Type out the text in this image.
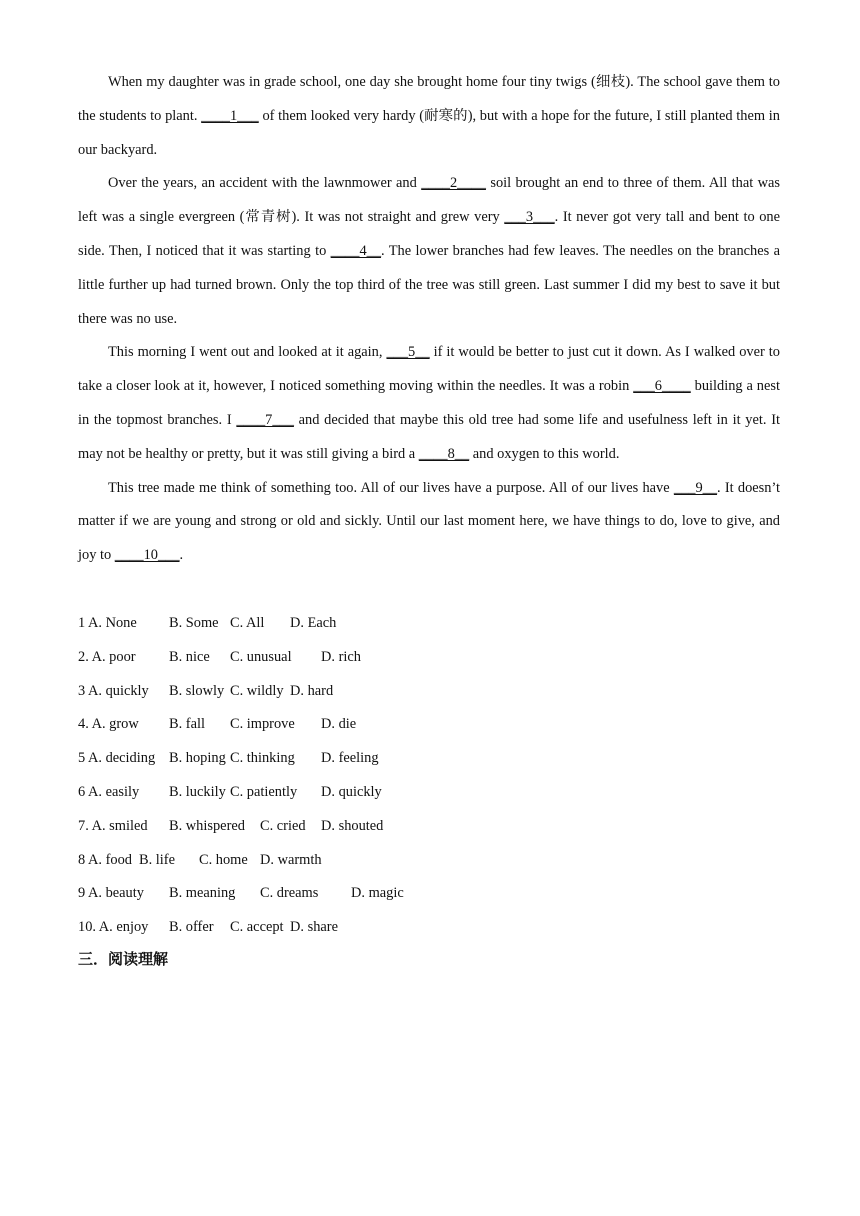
When my daughter was in grade school, one day she brought home four tiny twigs (细枝). The school gave them to the students to plant. ____1___ of them looked very hardy (耐寒的), but with a hope for the future, I still planted them in our backyard.

Over the years, an accident with the lawnmower and ____2____ soil brought an end to three of them. All that was left was a single evergreen (常青树). It was not straight and grew very ___3___. It never got very tall and bent to one side. Then, I noticed that it was starting to ____4__. The lower branches had few leaves. The needles on the branches a little further up had turned brown. Only the top third of the tree was still green. Last summer I did my best to save it but there was no use.

This morning I went out and looked at it again, ___5__ if it would be better to just cut it down. As I walked over to take a closer look at it, however, I noticed something moving within the needles. It was a robin ___6____ building a nest in the topmost branches. I ____7___ and decided that maybe this old tree had some life and usefulness left in it yet. It may not be healthy or pretty, but it was still giving a bird a ____8__ and oxygen to this world.

This tree made me think of something too. All of our lives have a purpose. All of our lives have ___9__. It doesn’t matter if we are young and strong or old and sickly. Until our last moment here, we have things to do, love to give, and joy to ____10___.

1 A. None B. Some C. All D. Each
2. A. poor B. nice C. unusual D. rich
3 A. quickly B. slowly C. wildly D. hard
4. A. grow B. fall C. improve D. die
5 A. deciding B. hoping C. thinking D. feeling
6 A. easily B. luckily C. patiently D. quickly
7. A. smiled B. whispered C. cried D. shouted
8 A. food B. life C. home D. warmth
9 A. beauty B. meaning C. dreams D. magic
10. A. enjoy B. offer C. accept D. share
三．阅读理解
